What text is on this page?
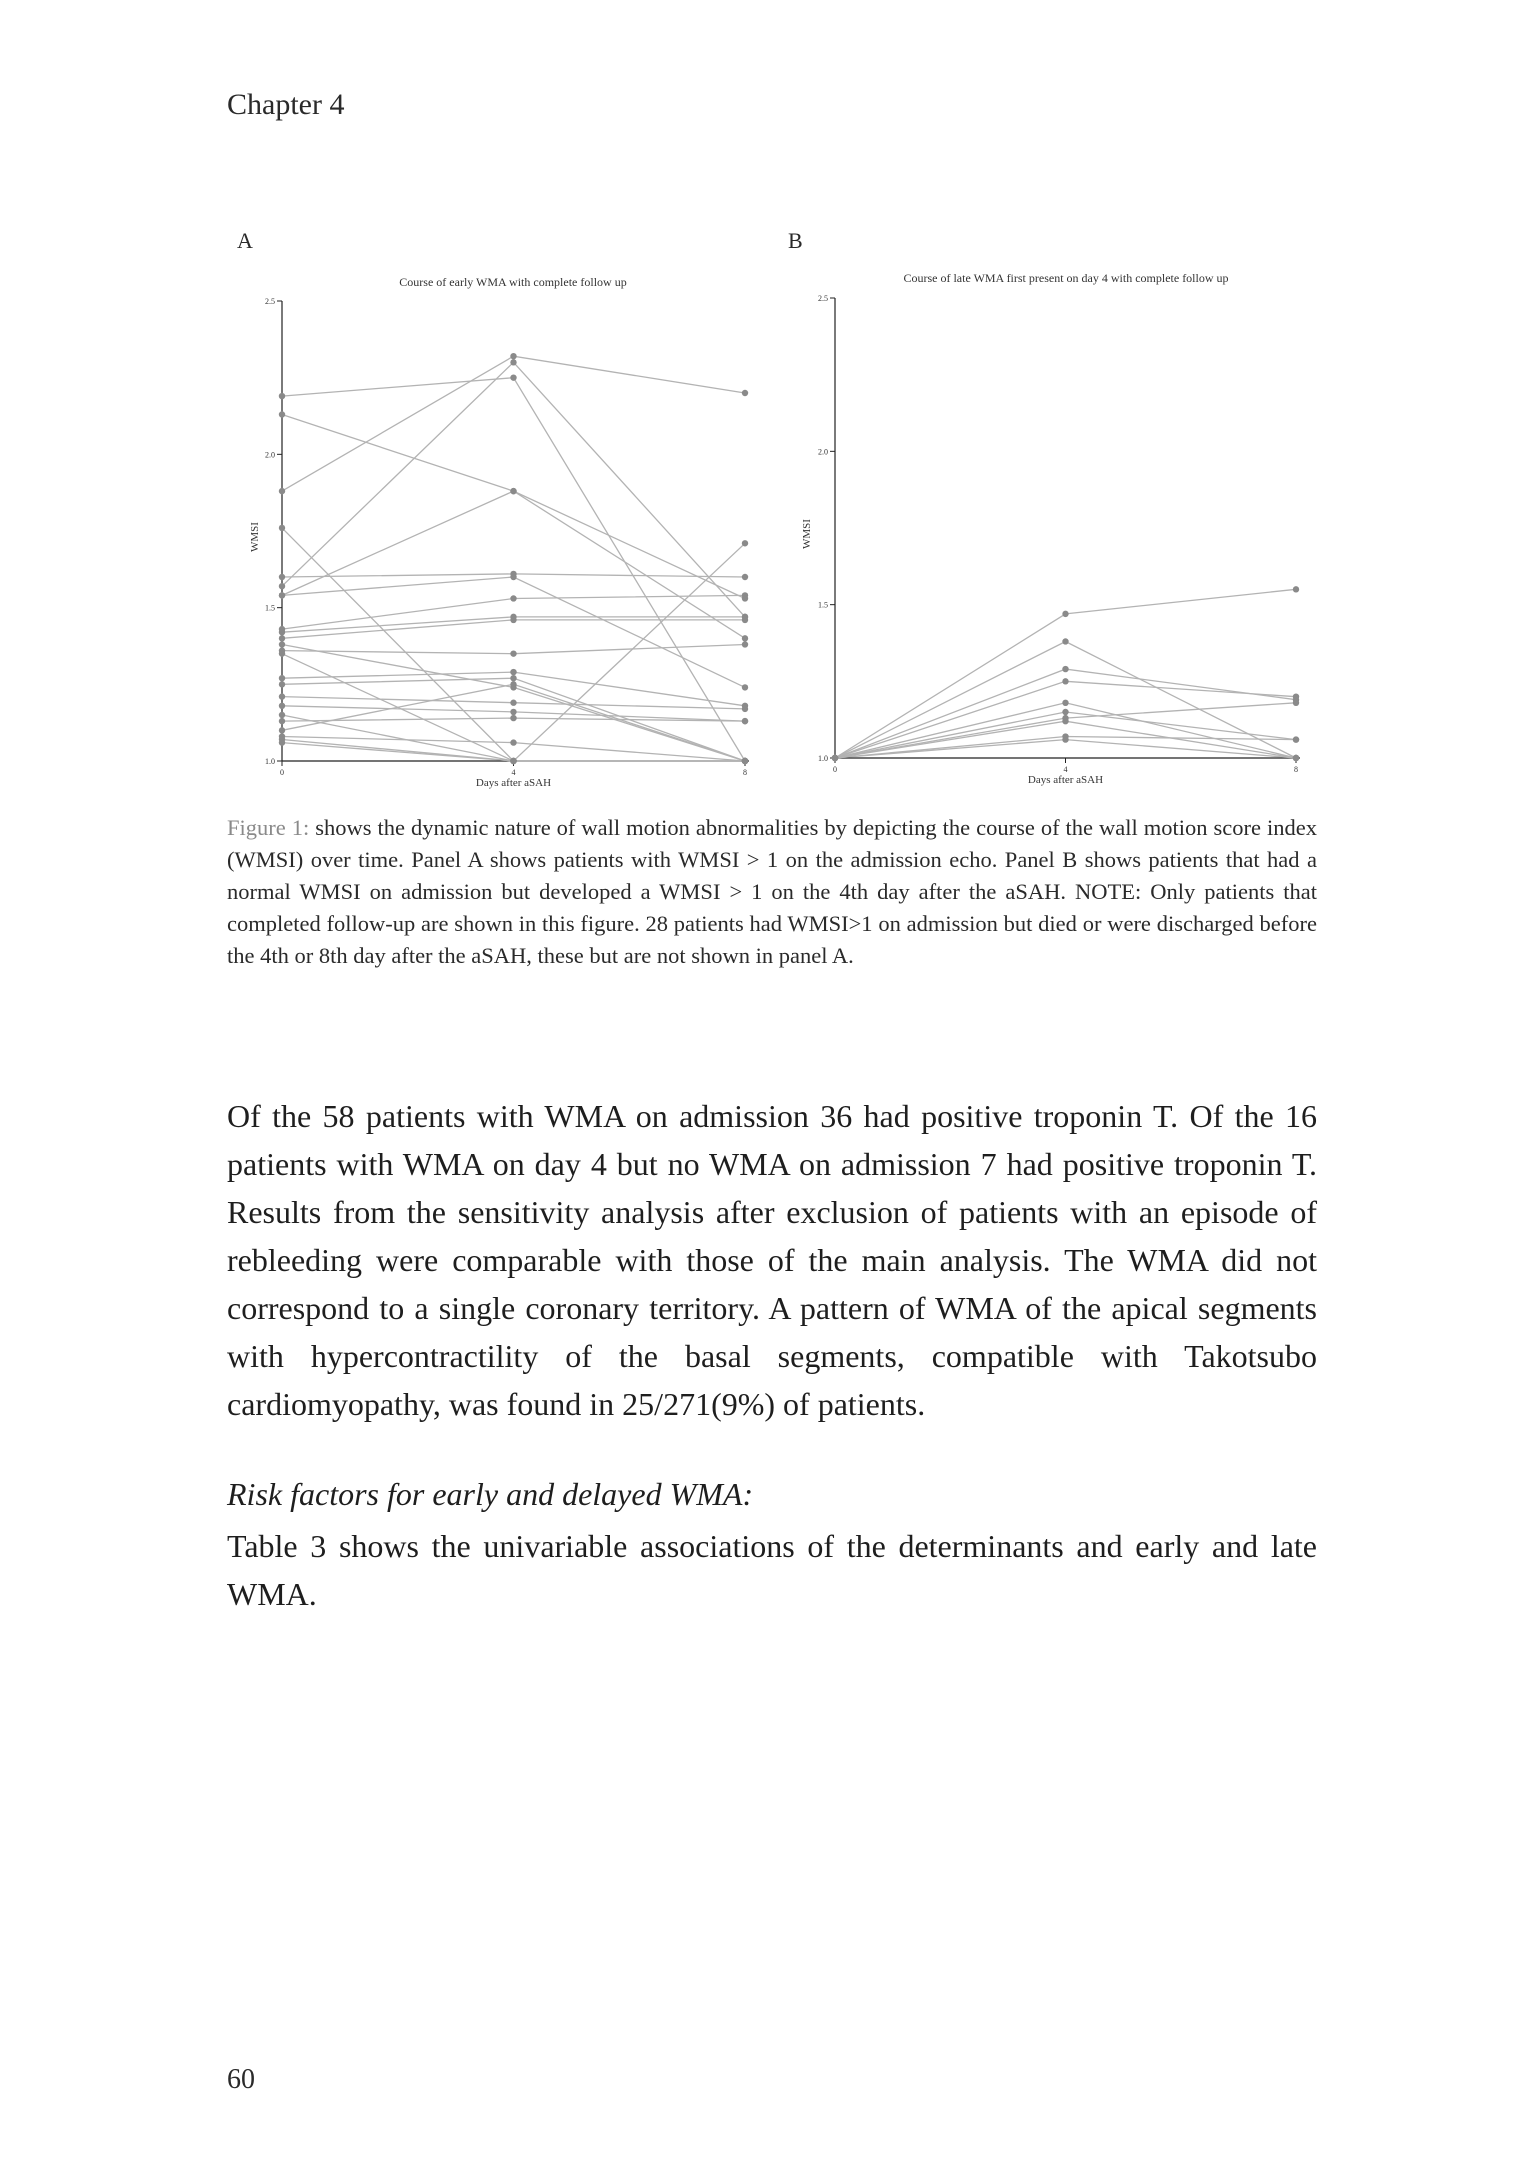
Chapter 4
A	B
Course of early WMA with complete follow up
1.0
1.5
2.0
2.5
0	4	8
Days after aSAH
WMSI
Course of late WMA first present on day 4 with complete follow up
1.0
1.5
2.0
2.5
0	4	8
Days after aSAH
WMSI
Figure 1: shows the dynamic nature of wall motion abnormalities by depicting the course of the wall motion score index (WMSI) over time. Panel A shows patients with WMSI > 1 on the admission echo. Panel B shows patients that had a normal WMSI on admission but developed a WMSI > 1 on the 4th day after the aSAH. NOTE: Only patients that completed follow-up are shown in this figure. 28 patients had WMSI>1 on admission but died or were discharged before the 4th or 8th day after the aSAH, these but are not shown in panel A.

Of the 58 patients with WMA on admission 36 had positive troponin T. Of the 16 patients with WMA on day 4 but no WMA on admission 7 had positive troponin T. Results from the sensitivity analysis after exclusion of patients with an episode of rebleeding were comparable with those of the main analysis. The WMA did not correspond to a single coronary territory. A pattern of WMA of the apical segments with hypercontractility of the basal segments, compatible with Takotsubo cardiomyopathy, was found in 25/271(9%) of patients.

Risk factors for early and delayed WMA:

Table 3 shows the univariable associations of the determinants and early and late WMA.

60
